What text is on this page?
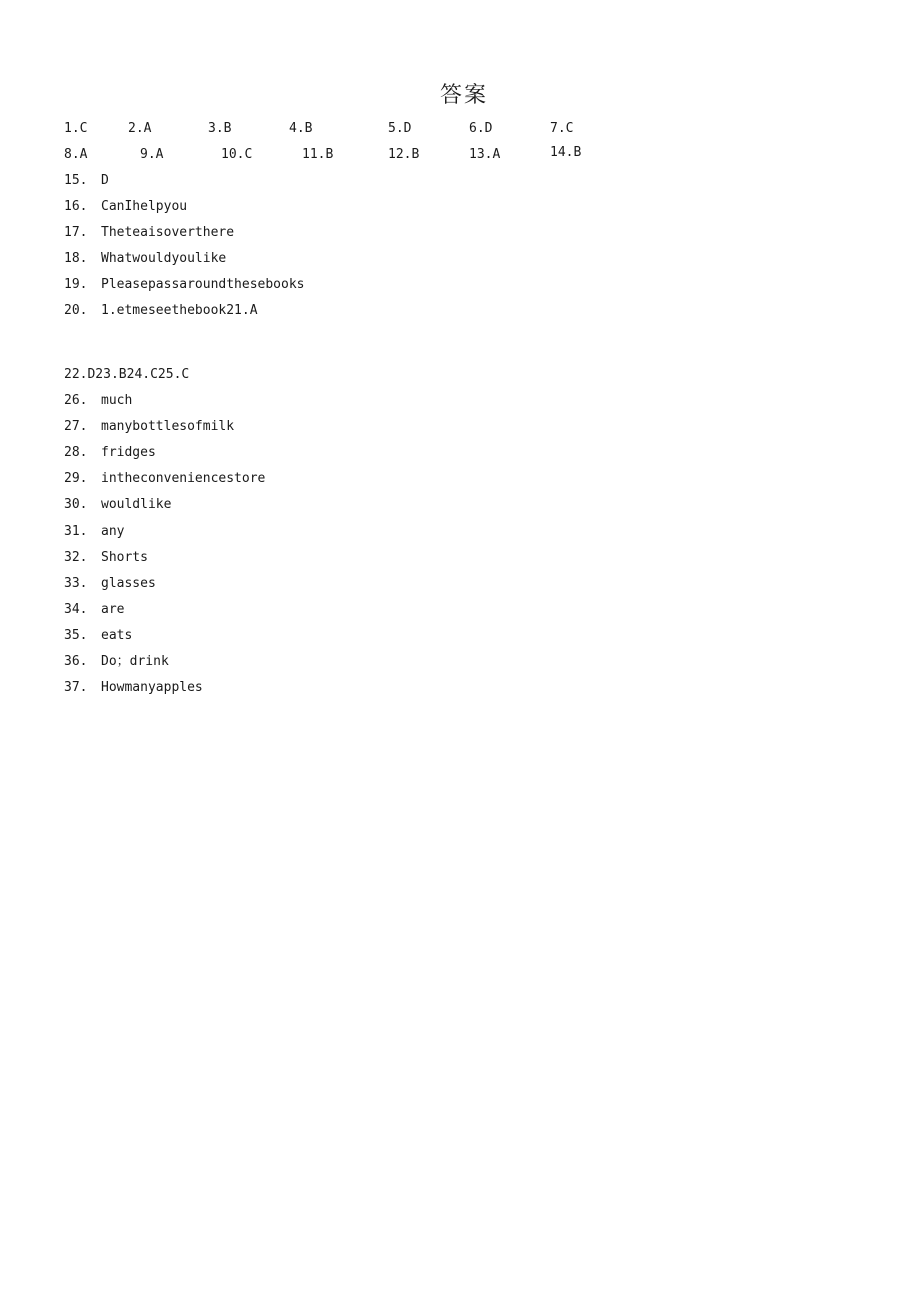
答案
1.C	2.A	3.B	4.B	5.D	6.D	7.C
8.A	9.A	10.C	11.B	12.B	13.A	14.B
15. D
16. CanIhelpyou
17. Theteaisoverthere
18. Whatwouldyoulike
19. Pleasepassaroundthesebooks
20. 1.etmeseethebook21.A
22.D23.B24.C25.C
26. much
27. manybottlesofmilk
28. fridges
29. intheconveniencestore
30. wouldlike
31. any
32. Shorts
33. glasses
34. are
35. eats
36. Do；drink
37. Howmanyapples
